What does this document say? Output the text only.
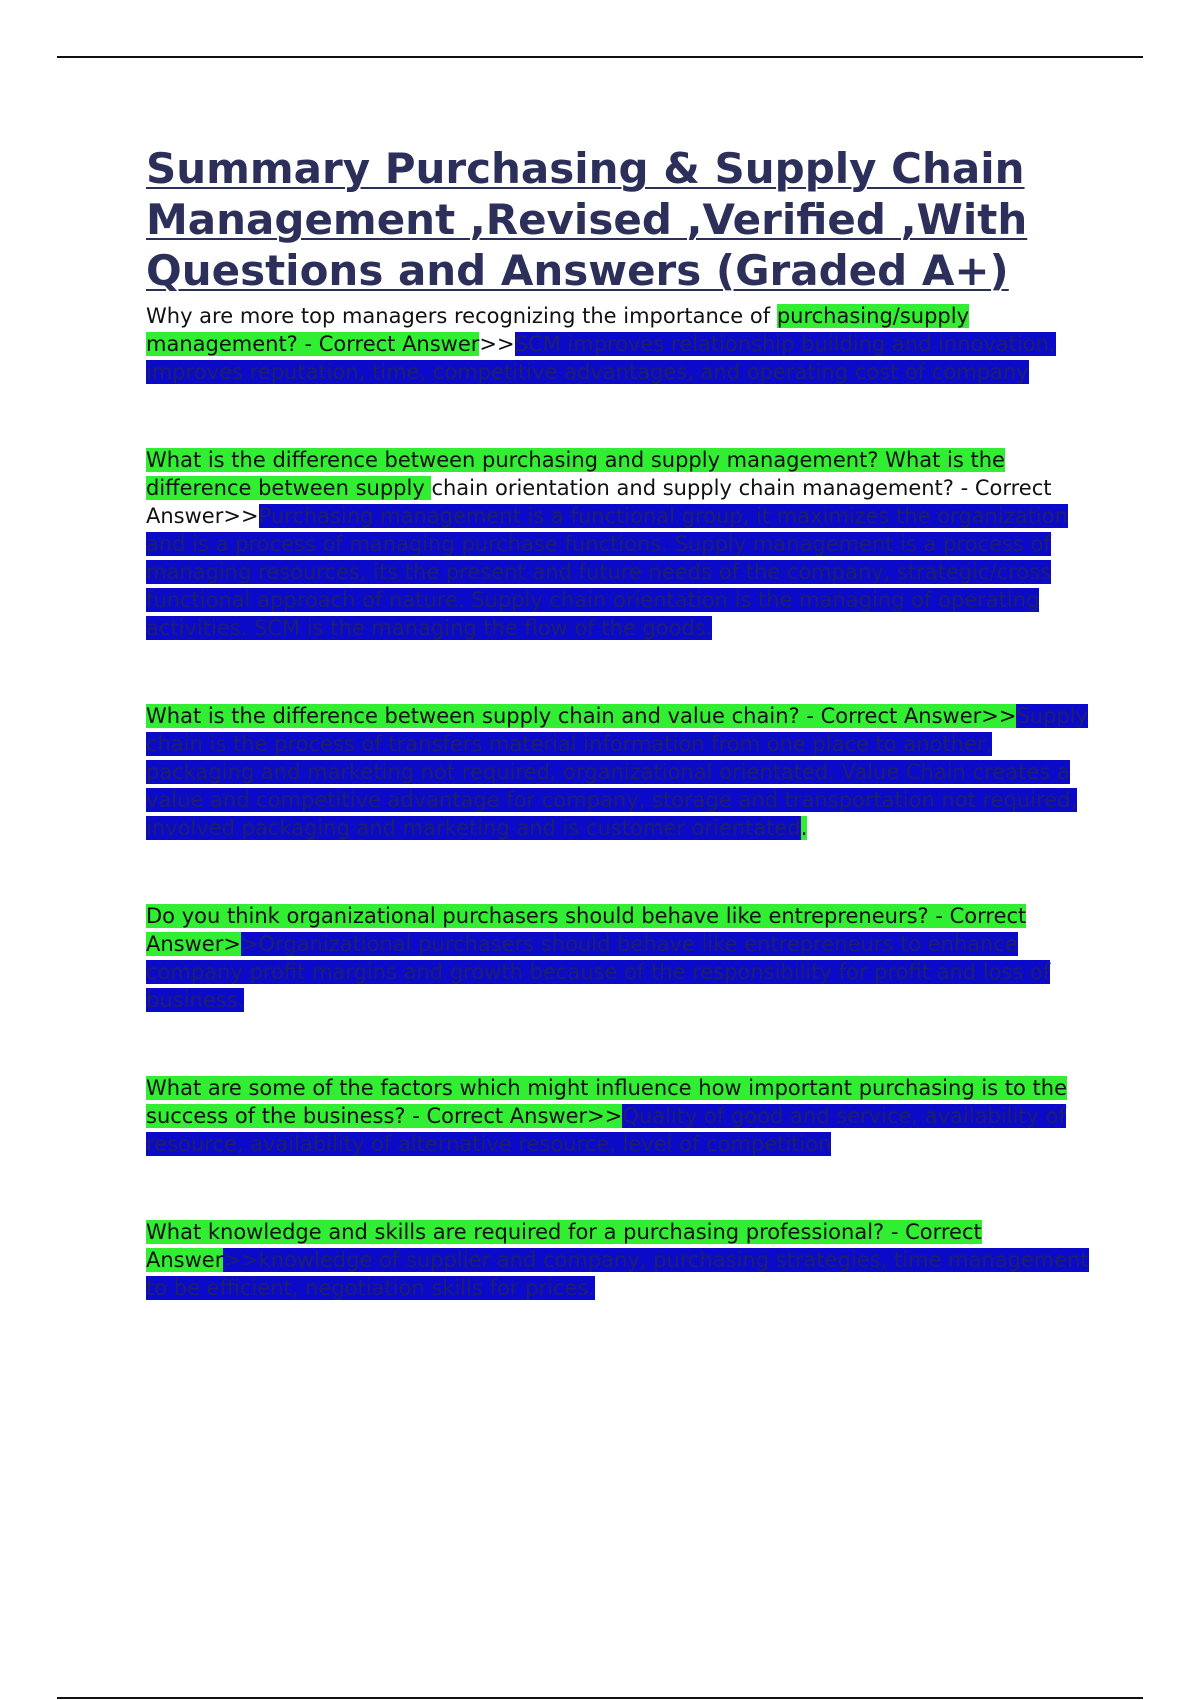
Summary Purchasing & Supply Chain Management ,Revised ,Verified ,With Questions and Answers (Graded A+)
Why are more top managers recognizing the importance of purchasing/supply management? - Correct Answer>>SCM improves relationship building and innovation, improves reputation, time, competitive advantages, and operating cost of company
What is the difference between purchasing and supply management? What is the difference between supply chain orientation and supply chain management? - Correct Answer>>Purchasing management is a functional group, it maximizes the organization and is a process of managing purchase functions. Supply management is a process of managing resources, its the present and future needs of the company, strategic/cross functional approach of nature. Supply chain orientation is the managing of operating activities. SCM is the managing the flow of the goods.
What is the difference between supply chain and value chain? - Correct Answer>>Supply chain is the process of transfers material information from one place to another, packaging and marketing not required, organizational orientated. Value Chain creates a value and competitive advantage for company, storage and transportation not required, involved packaging and marketing and is customer orientated.
Do you think organizational purchasers should behave like entrepreneurs? - Correct Answer>>Organizational purchasers should behave like entrepreneurs to enhance company profit margins and growth because of the responsibility for profit and loss of business.
What are some of the factors which might influence how important purchasing is to the success of the business? - Correct Answer>>Quality of good and service, availability of resource, availability of alternative resource, level of competition
What knowledge and skills are required for a purchasing professional? - Correct Answer>>knowledge of supplier and company, purchasing strategies, time management to be efficient, negotiation skills for prices.
